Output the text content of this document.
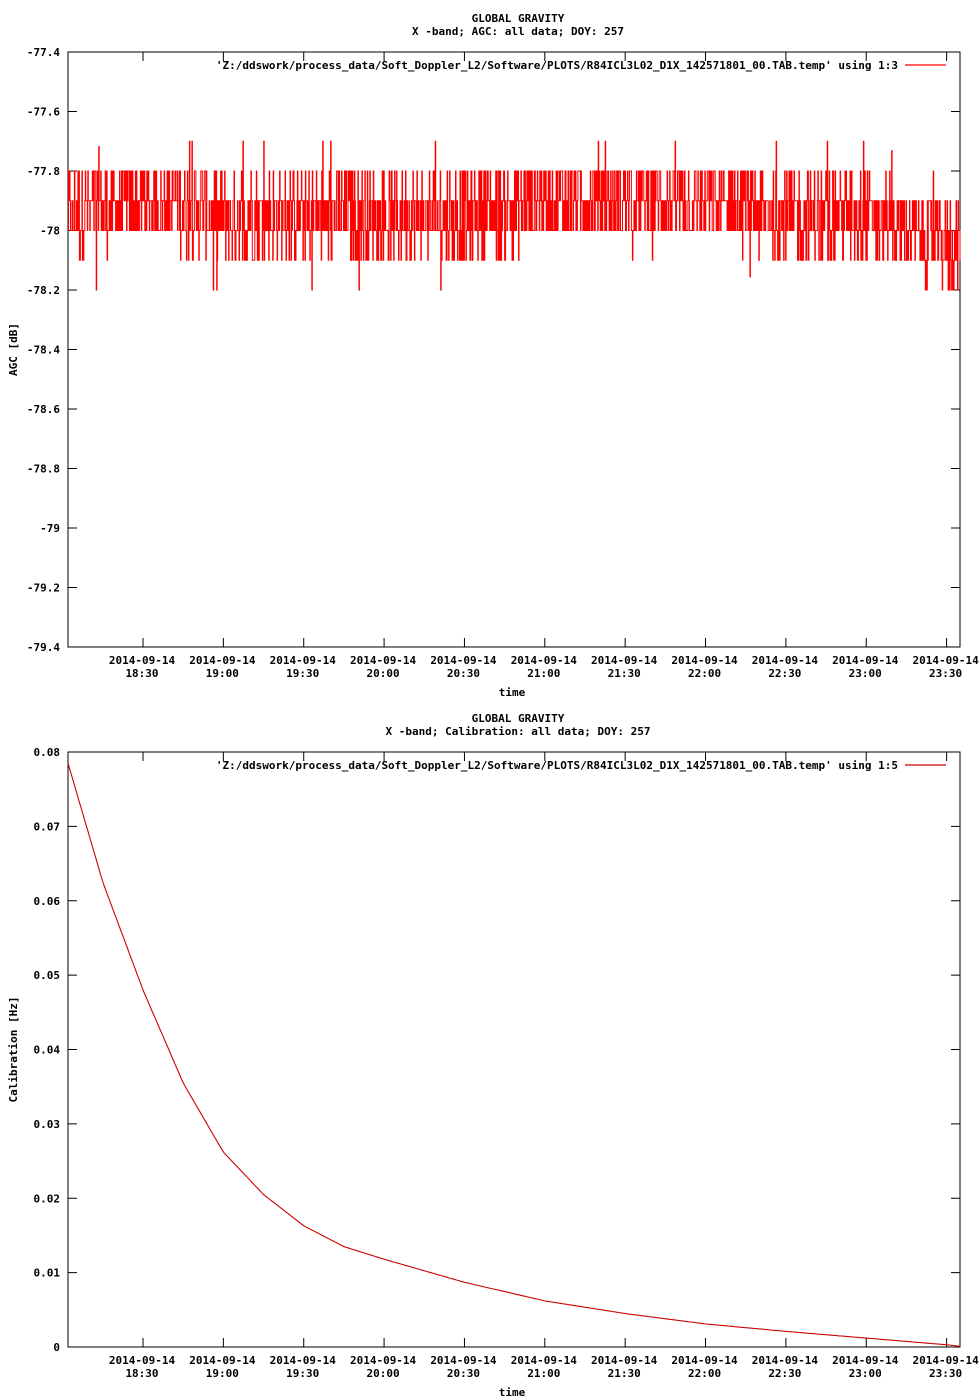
GLOBAL GRAVITY
X -band; AGC: all data; DOY: 257
-77.4
-77.6
-77.8
-78
-78.2
-78.4
-78.6
-78.8
-79
-79.2
-79.4
2014-09-14
18:30
2014-09-14
19:00
2014-09-14
19:30
2014-09-14
20:00
2014-09-14
20:30
2014-09-14
21:00
2014-09-14
21:30
2014-09-14
22:00
2014-09-14
22:30
2014-09-14
23:00
2014-09-14
23:30
time
AGC [dB]
'Z:/ddswork/process_data/Soft_Doppler_L2/Software/PLOTS/R84ICL3L02_D1X_142571801_00.TAB.temp' using 1:3
GLOBAL GRAVITY
X -band; Calibration: all data; DOY: 257
0.08
0.07
0.06
0.05
0.04
0.03
0.02
0.01
0
2014-09-14
18:30
2014-09-14
19:00
2014-09-14
19:30
2014-09-14
20:00
2014-09-14
20:30
2014-09-14
21:00
2014-09-14
21:30
2014-09-14
22:00
2014-09-14
22:30
2014-09-14
23:00
2014-09-14
23:30
time
Calibration [Hz]
'Z:/ddswork/process_data/Soft_Doppler_L2/Software/PLOTS/R84ICL3L02_D1X_142571801_00.TAB.temp' using 1:5
